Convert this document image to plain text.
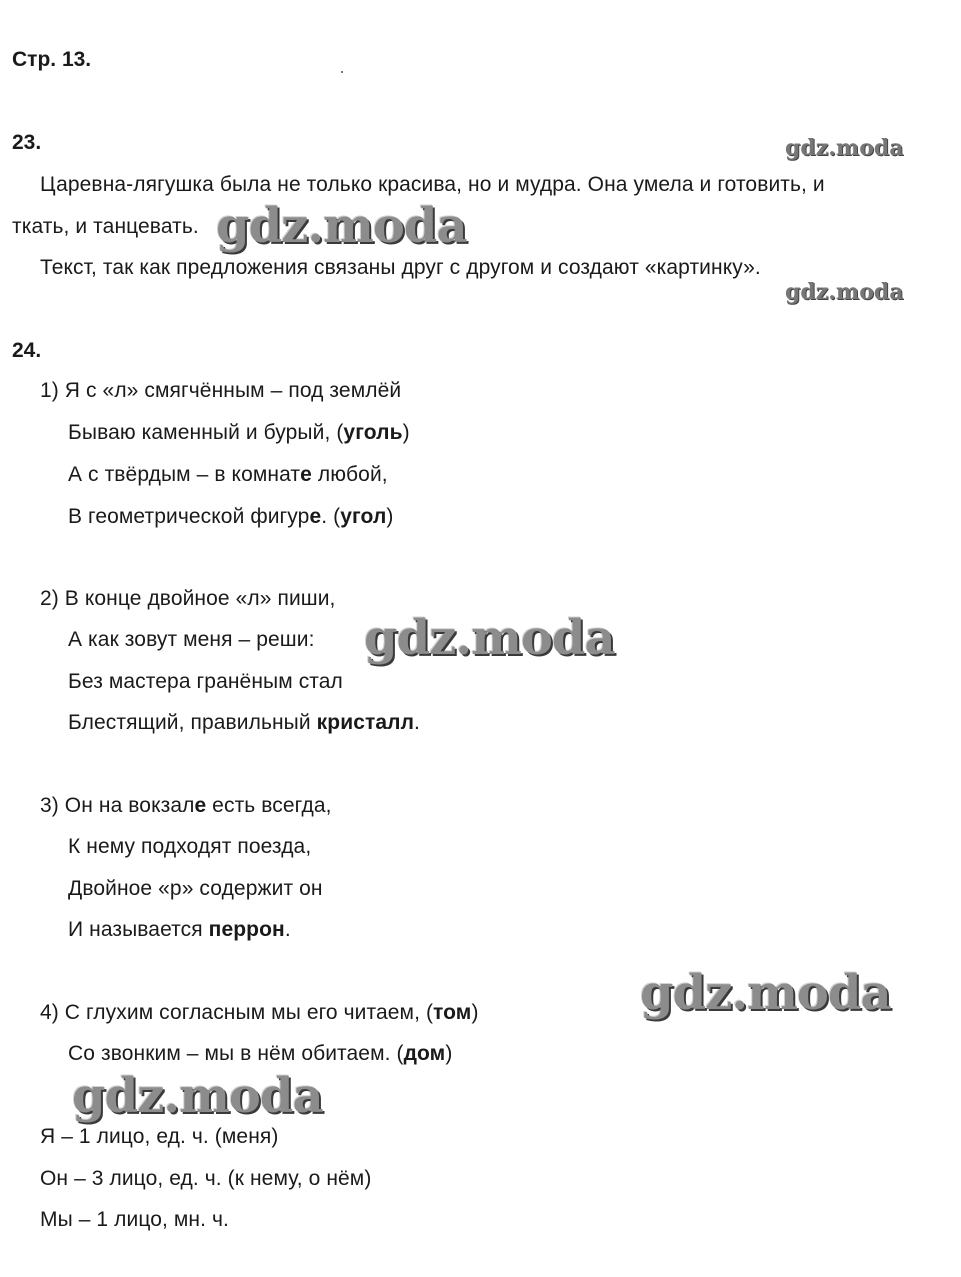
Стр. 13.
23.	gdz.moda
Царевна-лягушка была не только красива, но и мудра. Она умела и готовить, и
ткать, и танцевать. gdz.moda
Текст, так как предложения связаны друг с другом и создают «картинку».
gdz.moda
24.
1) Я с «л» смягчённым – под землёй
Бываю каменный и бурый, (уголь)
А с твёрдым – в комнате любой,
В геометрической фигуре. (угол)
2) В конце двойное «л» пиши,
А как зовут меня – реши: gdz.moda
Без мастера гранёным стал
Блестящий, правильный кристалл.
3) Он на вокзале есть всегда,
К нему подходят поезда,
Двойное «р» содержит он
И называется перрон.
gdz.moda
4) С глухим согласным мы его читаем, (том)
Со звонким – мы в нём обитаем. (дом)
gdz.moda
Я – 1 лицо, ед. ч. (меня)
Он – 3 лицо, ед. ч. (к нему, о нём)
Мы – 1 лицо, мн. ч.
